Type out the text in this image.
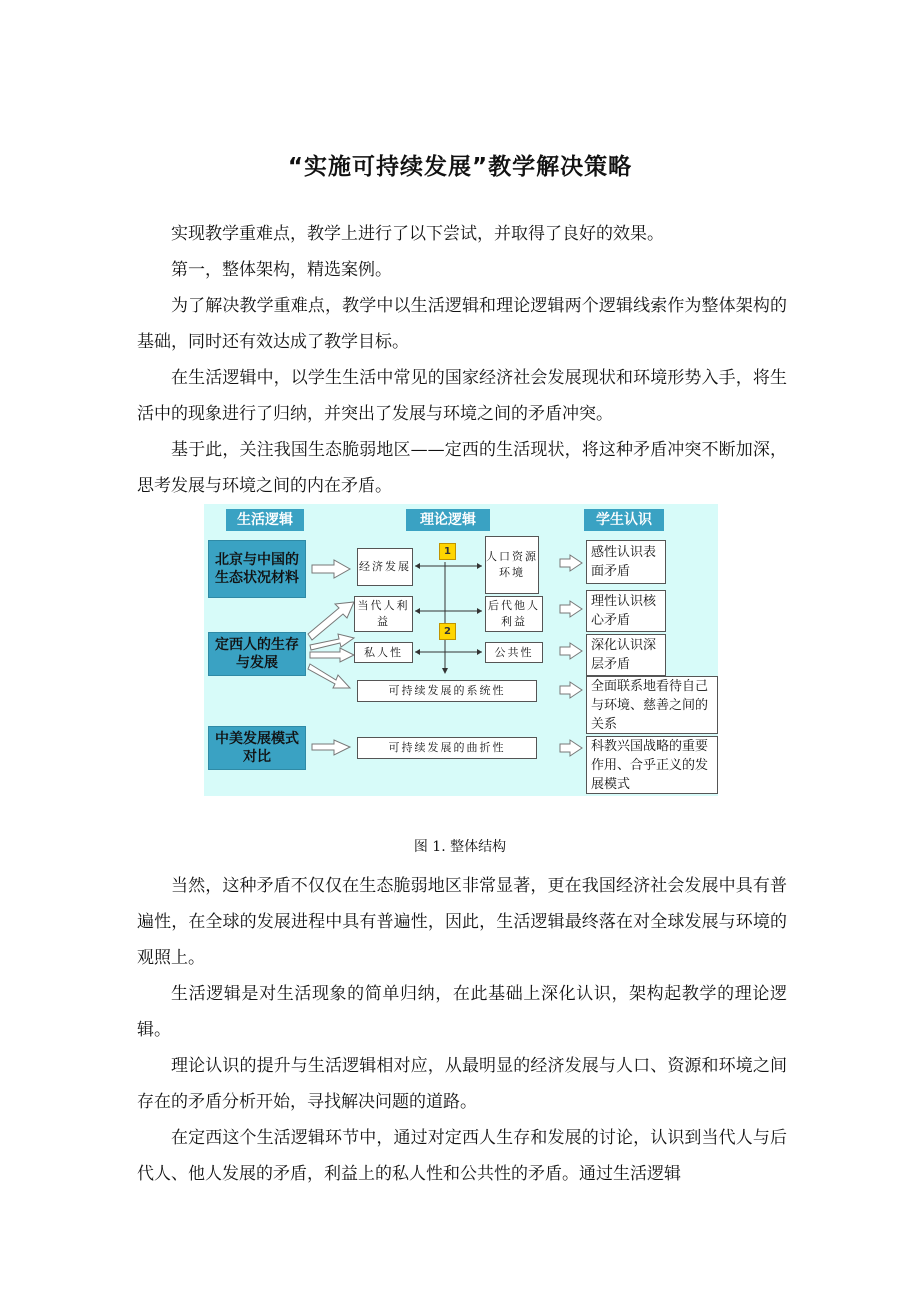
“实施可持续发展”教学解决策略

实现教学重难点，教学上进行了以下尝试，并取得了良好的效果。

第一，整体架构，精选案例。

为了解决教学重难点，教学中以生活逻辑和理论逻辑两个逻辑线索作为整体架构的基础，同时还有效达成了教学目标。

在生活逻辑中，以学生生活中常见的国家经济社会发展现状和环境形势入手，将生活中的现象进行了归纳，并突出了发展与环境之间的矛盾冲突。

基于此，关注我国生态脆弱地区——定西的生活现状，将这种矛盾冲突不断加深，思考发展与环境之间的内在矛盾。

生活逻辑	理论逻辑	学生认识
北京与中国的生态状况材料
定西人的生存与发展
中美发展模式对比
经济发展
人口资源环境
当代人利益
后代他人利益
私人性	公共性
可持续发展的系统性
可持续发展的曲折性
1
2
感性认识表面矛盾
理性认识核心矛盾
深化认识深层矛盾
全面联系地看待自己与环境、慈善之间的关系
科教兴国战略的重要作用、合乎正义的发展模式
图 1. 整体结构

当然，这种矛盾不仅仅在生态脆弱地区非常显著，更在我国经济社会发展中具有普遍性，在全球的发展进程中具有普遍性，因此，生活逻辑最终落在对全球发展与环境的观照上。

生活逻辑是对生活现象的简单归纳，在此基础上深化认识，架构起教学的理论逻辑。

理论认识的提升与生活逻辑相对应，从最明显的经济发展与人口、资源和环境之间存在的矛盾分析开始，寻找解决问题的道路。

在定西这个生活逻辑环节中，通过对定西人生存和发展的讨论，认识到当代人与后代人、他人发展的矛盾，利益上的私人性和公共性的矛盾。通过生活逻辑
